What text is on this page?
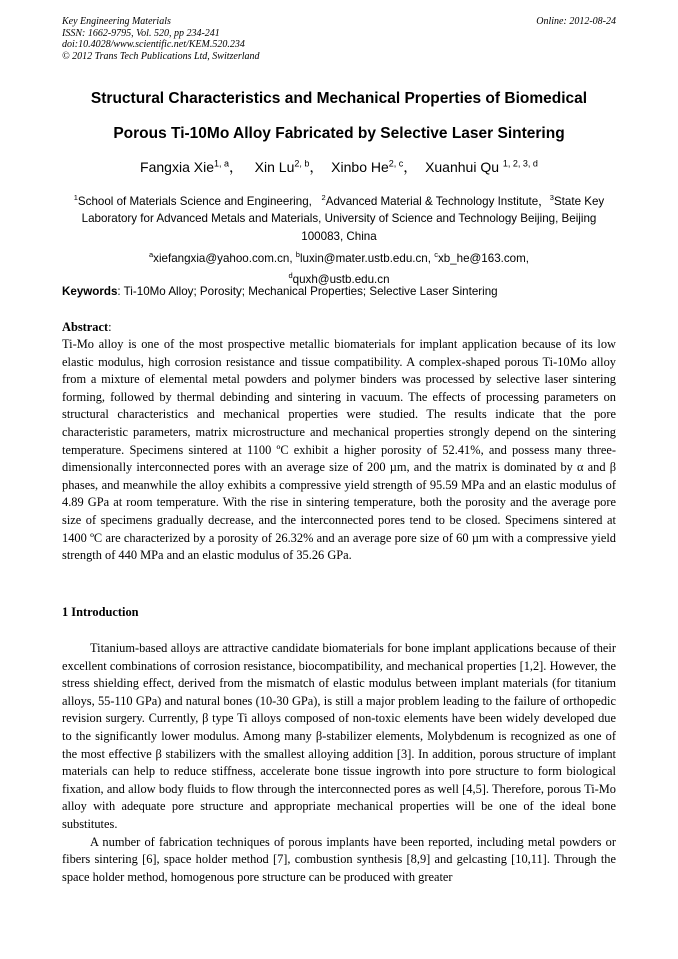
Key Engineering Materials
ISSN: 1662-9795, Vol. 520, pp 234-241
doi:10.4028/www.scientific.net/KEM.520.234
© 2012 Trans Tech Publications Ltd, Switzerland
Online: 2012-08-24
Structural Characteristics and Mechanical Properties of Biomedical
Porous Ti-10Mo Alloy Fabricated by Selective Laser Sintering
Fangxia Xie$^{1, a}$， Xin Lu$^{2, b}$， Xinbo He$^{2, c}$， Xuanhui Qu $^{1, 2, 3, d}$
$^1$School of Materials Science and Engineering, $^2$Advanced Material & Technology Institute，$^3$State Key Laboratory for Advanced Metals and Materials, University of Science and Technology Beijing, Beijing 100083, China
$^a$xiefangxia@yahoo.com.cn, $^b$luxin@mater.ustb.edu.cn, $^c$xb_he@163.com,
$^d$quxh@ustb.edu.cn
Keywords: Ti-10Mo Alloy; Porosity; Mechanical Properties; Selective Laser Sintering
Abstract:
Ti-Mo alloy is one of the most prospective metallic biomaterials for implant application because of its low elastic modulus, high corrosion resistance and tissue compatibility. A complex-shaped porous Ti-10Mo alloy from a mixture of elemental metal powders and polymer binders was processed by selective laser sintering forming, followed by thermal debinding and sintering in vacuum. The effects of processing parameters on structural characteristics and mechanical properties were studied. The results indicate that the pore characteristic parameters, matrix microstructure and mechanical properties strongly depend on the sintering temperature. Specimens sintered at 1100 ºC exhibit a higher porosity of 52.41%, and possess many three-dimensionally interconnected pores with an average size of 200 µm, and the matrix is dominated by α and β phases, and meanwhile the alloy exhibits a compressive yield strength of 95.59 MPa and an elastic modulus of 4.89 GPa at room temperature. With the rise in sintering temperature, both the porosity and the average pore size of specimens gradually decrease, and the interconnected pores tend to be closed. Specimens sintered at 1400 ºC are characterized by a porosity of 26.32% and an average pore size of 60 µm with a compressive yield strength of 440 MPa and an elastic modulus of 35.26 GPa.
1 Introduction
Titanium-based alloys are attractive candidate biomaterials for bone implant applications because of their excellent combinations of corrosion resistance, biocompatibility, and mechanical properties [1,2]. However, the stress shielding effect, derived from the mismatch of elastic modulus between implant materials (for titanium alloys, 55-110 GPa) and natural bones (10-30 GPa), is still a major problem leading to the failure of orthopedic revision surgery. Currently, β type Ti alloys composed of non-toxic elements have been widely developed due to the significantly lower modulus. Among many β-stabilizer elements, Molybdenum is recognized as one of the most effective β stabilizers with the smallest alloying addition [3]. In addition, porous structure of implant materials can help to reduce stiffness, accelerate bone tissue ingrowth into pore structure to form biological fixation, and allow body fluids to flow through the interconnected pores as well [4,5]. Therefore, porous Ti-Mo alloy with adequate pore structure and appropriate mechanical properties will be one of the ideal bone substitutes.
A number of fabrication techniques of porous implants have been reported, including metal powders or fibers sintering [6], space holder method [7], combustion synthesis [8,9] and gelcasting [10,11]. Through the space holder method, homogenous pore structure can be produced with greater
